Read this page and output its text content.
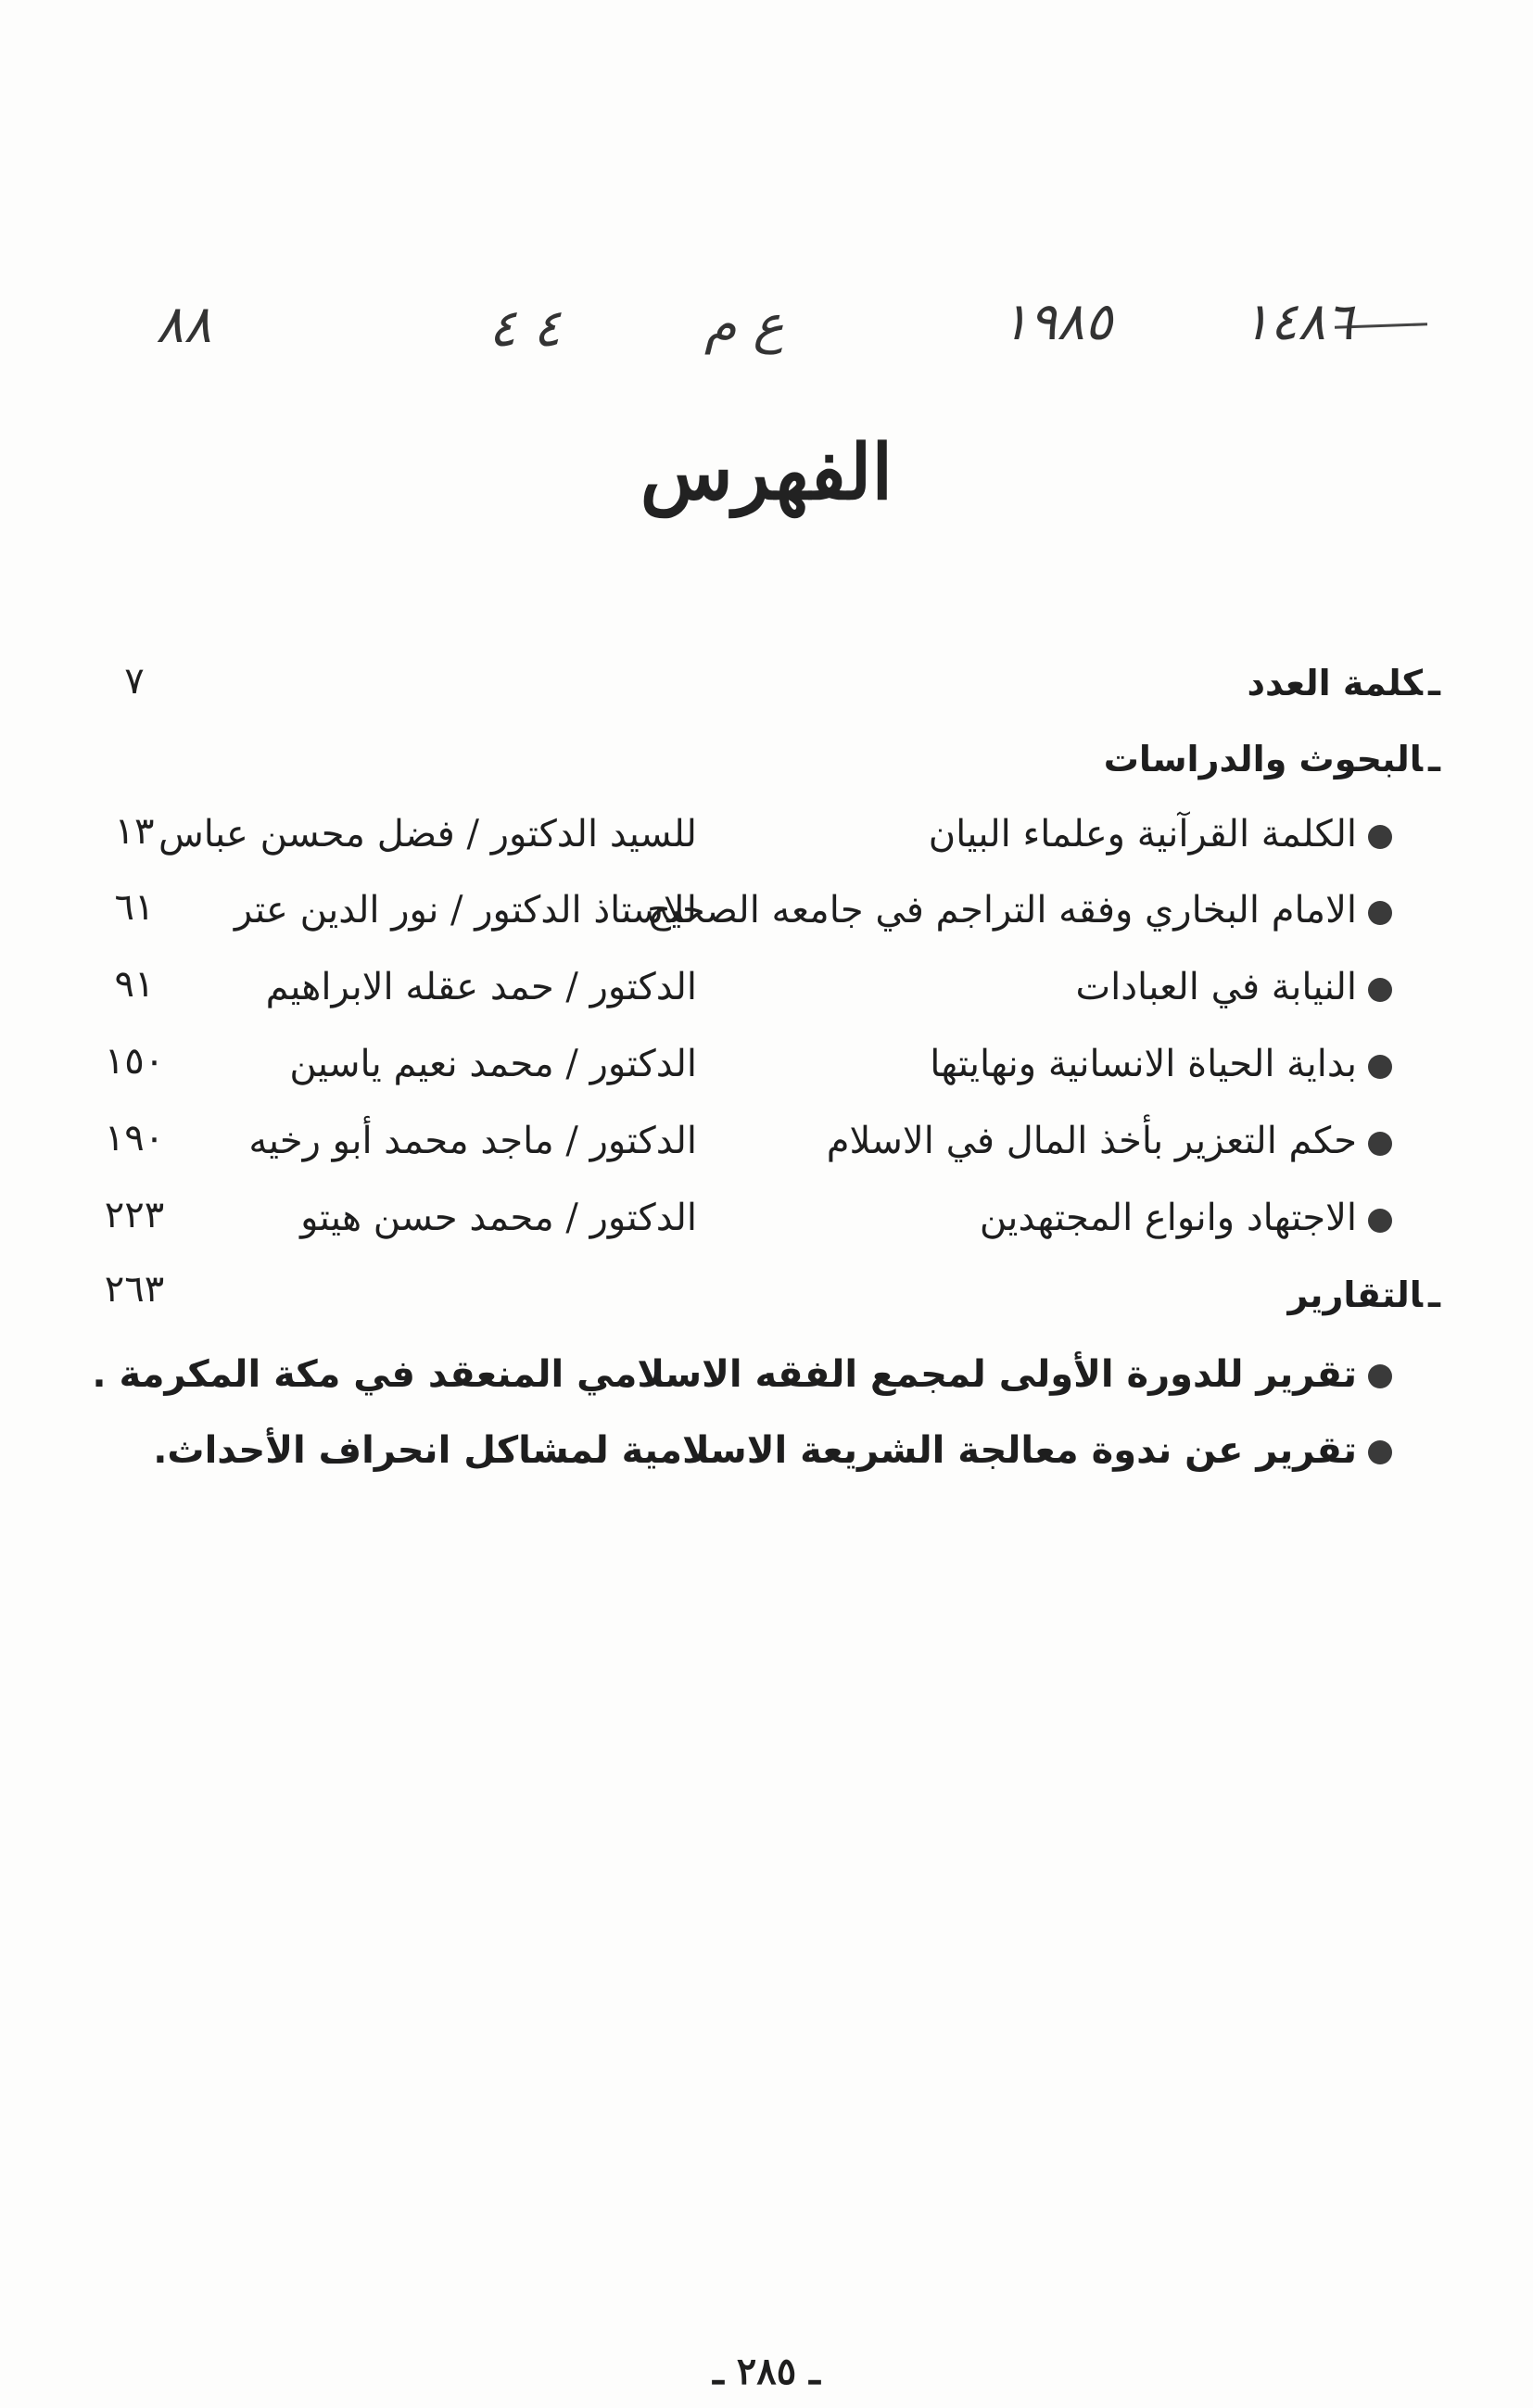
١٤٨٦
١٩٨٥
ع م
٤ ٤
٨٨
الفهرس
ـكلمة العدد
٧
ـالبحوث والدراسات
الكلمة القرآنية وعلماء البيان
للسيد الدكتور / فضل محسن عباس
١٣
الامام البخاري وفقه التراجم في جامعه الصحيح
للاستاذ الدكتور / نور الدين عتر
٦١
النيابة في العبادات
الدكتور / حمد عقله الابراهيم
٩١
بداية الحياة الانسانية ونهايتها
الدكتور / محمد نعيم ياسين
١٥٠
حكم التعزير بأخذ المال في الاسلام
الدكتور / ماجد محمد أبو رخيه
١٩٠
الاجتهاد وانواع المجتهدين
الدكتور / محمد حسن هيتو
٢٢٣
ـالتقارير
٢٦٣
تقرير للدورة الأولى لمجمع الفقه الاسلامي المنعقد في مكة المكرمة .
تقرير عن ندوة معالجة الشريعة الاسلامية لمشاكل انحراف الأحداث.
ـ ٢٨٥ ـ
